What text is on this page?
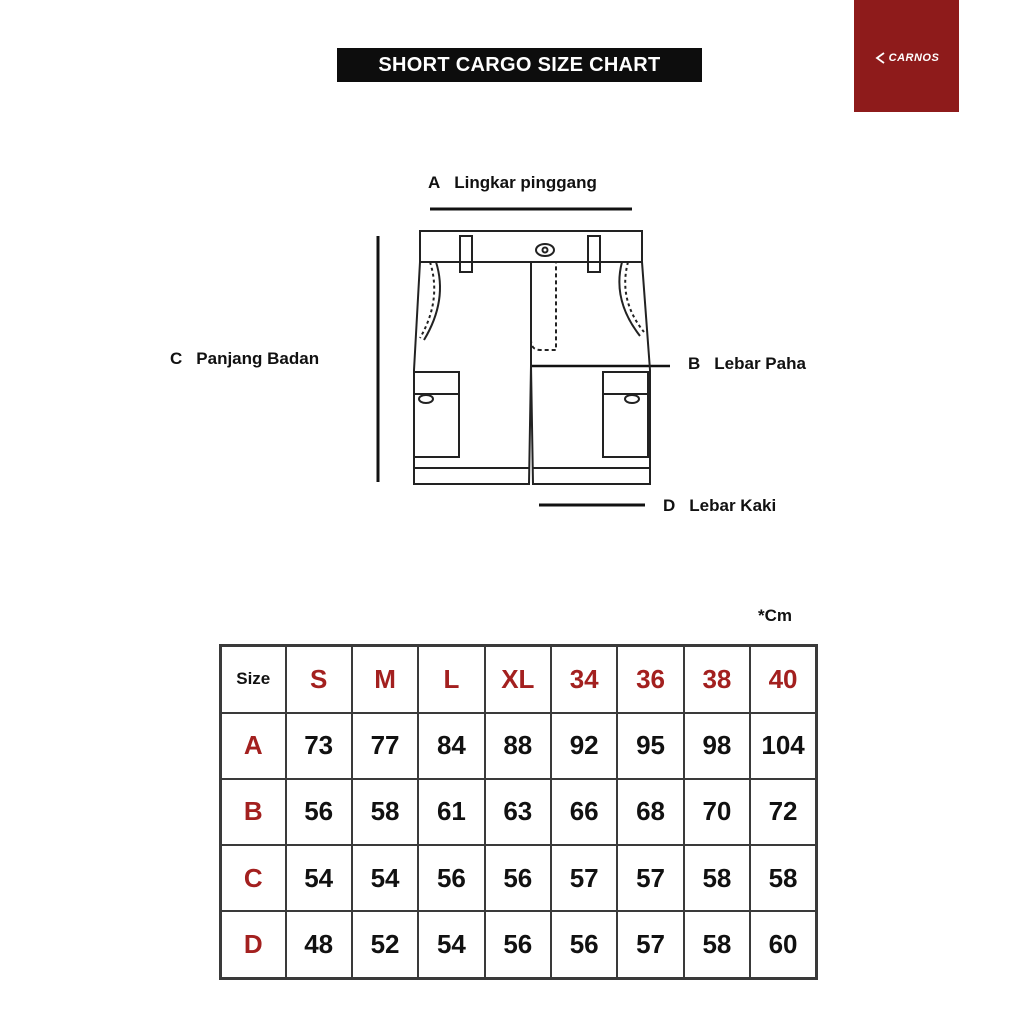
SHORT CARGO SIZE CHART	CARNOS
A Lingkar pinggang
C Panjang Badan	B Lebar Paha
D Lebar Kaki
*Cm
Size	S	M	L	XL	34	36	38	40
A	73	77	84	88	92	95	98	104
B	56	58	61	63	66	68	70	72
C	54	54	56	56	57	57	58	58
D	48	52	54	56	56	57	58	60
